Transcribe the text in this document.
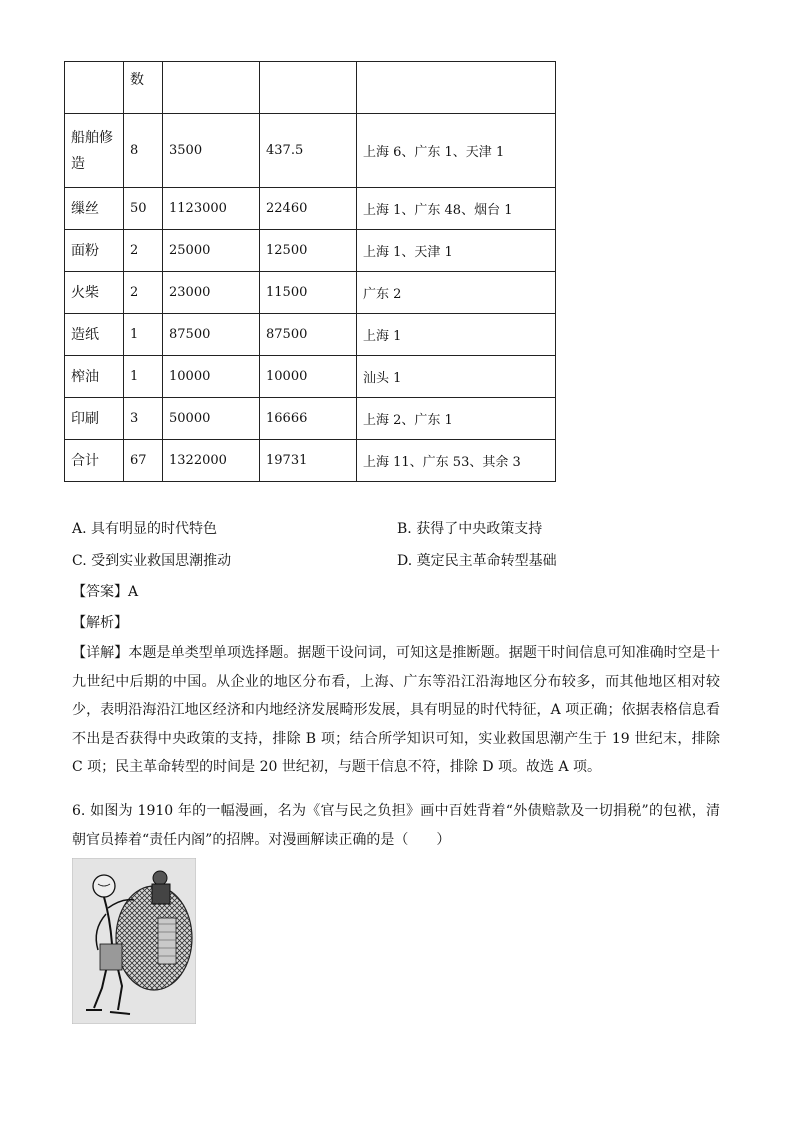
	数			

船舶修造	8	3500	437.5	上海 6、广东 1、天津 1
缫丝	50	1123000	22460	上海 1、广东 48、烟台 1
面粉	2	25000	12500	上海 1、天津 1
火柴	2	23000	11500	广东 2
造纸	1	87500	87500	上海 1
榨油	1	10000	10000	汕头 1
印刷	3	50000	16666	上海 2、广东 1
合计	67	1322000	19731	上海 11、广东 53、其余 3
A. 具有明显的时代特色	B. 获得了中央政策支持
C. 受到实业救国思潮推动	D. 奠定民主革命转型基础
【答案】A
【解析】

【详解】本题是单类型单项选择题。据题干设问词，可知这是推断题。据题干时间信息可知准确时空是十九世纪中后期的中国。从企业的地区分布看，上海、广东等沿江沿海地区分布较多，而其他地区相对较少，表明沿海沿江地区经济和内地经济发展畸形发展，具有明显的时代特征，A 项正确；依据表格信息看不出是否获得中央政策的支持，排除 B 项；结合所学知识可知，实业救国思潮产生于 19 世纪末，排除 C 项；民主革命转型的时间是 20 世纪初，与题干信息不符，排除 D 项。故选 A 项。

6. 如图为 1910 年的一幅漫画，名为《官与民之负担》画中百姓背着“外债赔款及一切捐税”的包袱，清朝官员捧着“责任内阁”的招牌。对漫画解读正确的是（　　）
